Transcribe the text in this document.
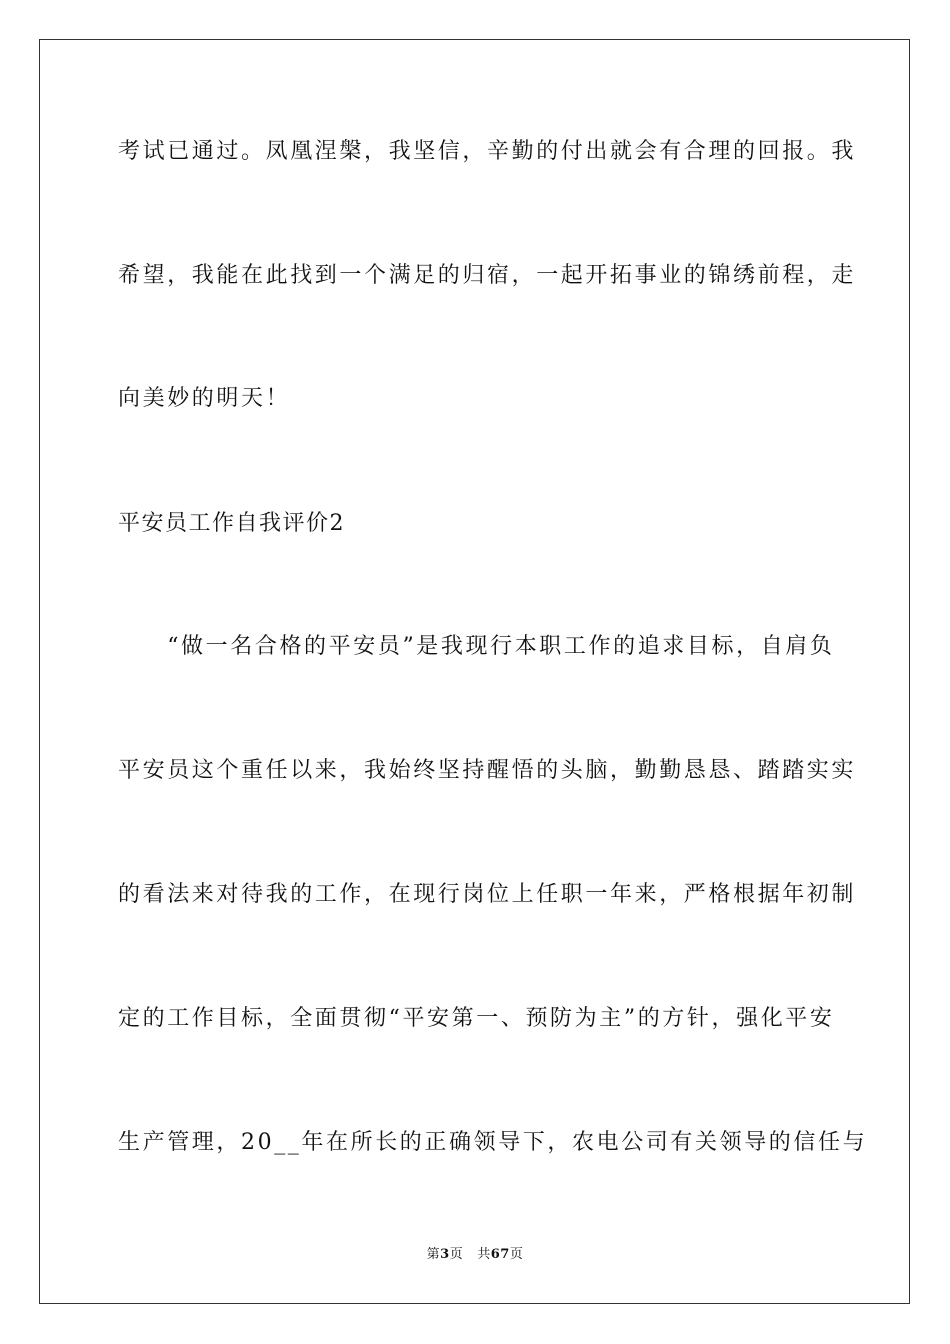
考试已通过。凤凰涅槃，我坚信，辛勤的付出就会有合理的回报。我
希望，我能在此找到一个满足的归宿，一起开拓事业的锦绣前程，走
向美妙的明天！
平安员工作自我评价2
　　“做一名合格的平安员”是我现行本职工作的追求目标，自肩负
平安员这个重任以来，我始终坚持醒悟的头脑，勤勤恳恳、踏踏实实
的看法来对待我的工作，在现行岗位上任职一年来，严格根据年初制
定的工作目标，全面贯彻“平安第一、预防为主”的方针，强化平安
生产管理，20__年在所长的正确领导下，农电公司有关领导的信任与
第3页 共67页
